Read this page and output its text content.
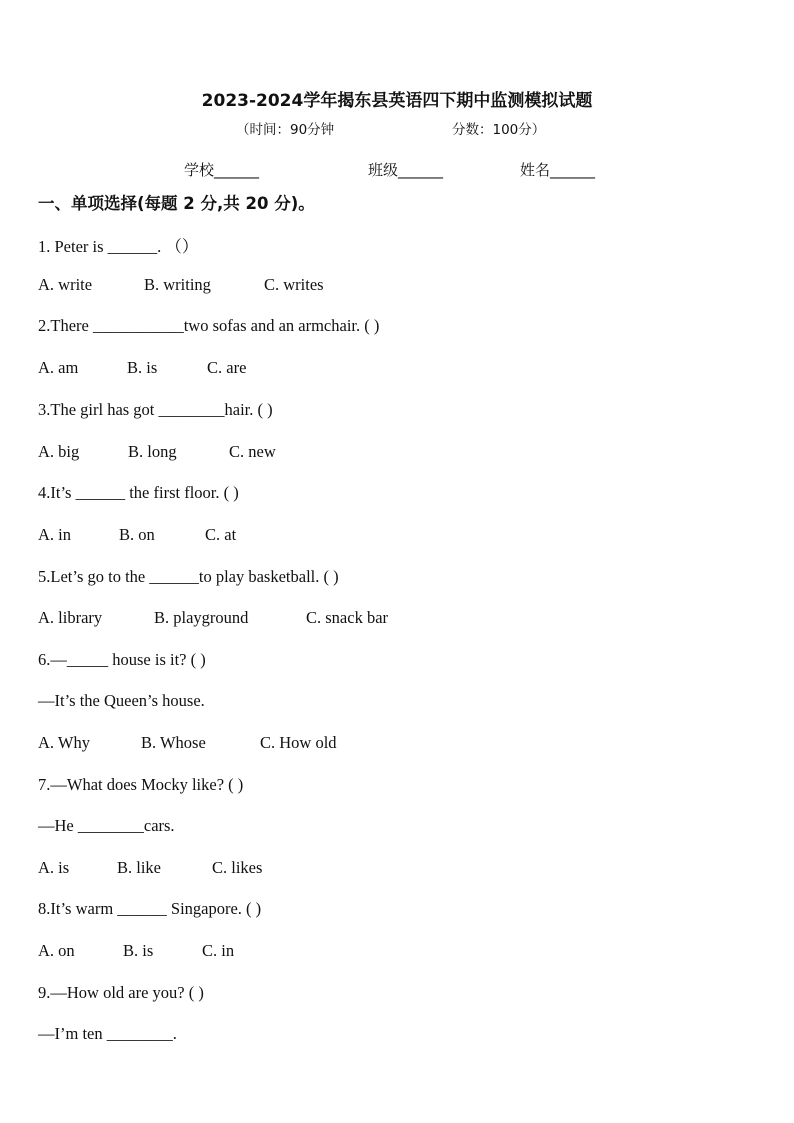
2023-2024学年揭东县英语四下期中监测模拟试题
（时间：90分钟	分数：100分）
学校______	班级______	姓名______
一、单项选择(每题 2 分,共 20 分)。
1. Peter is ______. （）
A. write	B. writing	C. writes
2.There ___________two sofas and an armchair. ( )
A. am	B. is	C. are
3.The girl has got ________hair. ( )
A. big	B. long	C. new
4.It’s ______ the first floor. ( )
A. in	B. on	C. at
5.Let’s go to the ______to play basketball. ( )
A. library	B. playground	C. snack bar
6.—_____ house is it? ( )
—It’s the Queen’s house.
A. Why	B. Whose	C. How old
7.—What does Mocky like? ( )
—He ________cars.
A. is	B. like	C. likes
8.It’s warm ______ Singapore. ( )
A. on	B. is	C. in
9.—How old are you? ( )
—I’m ten ________.
